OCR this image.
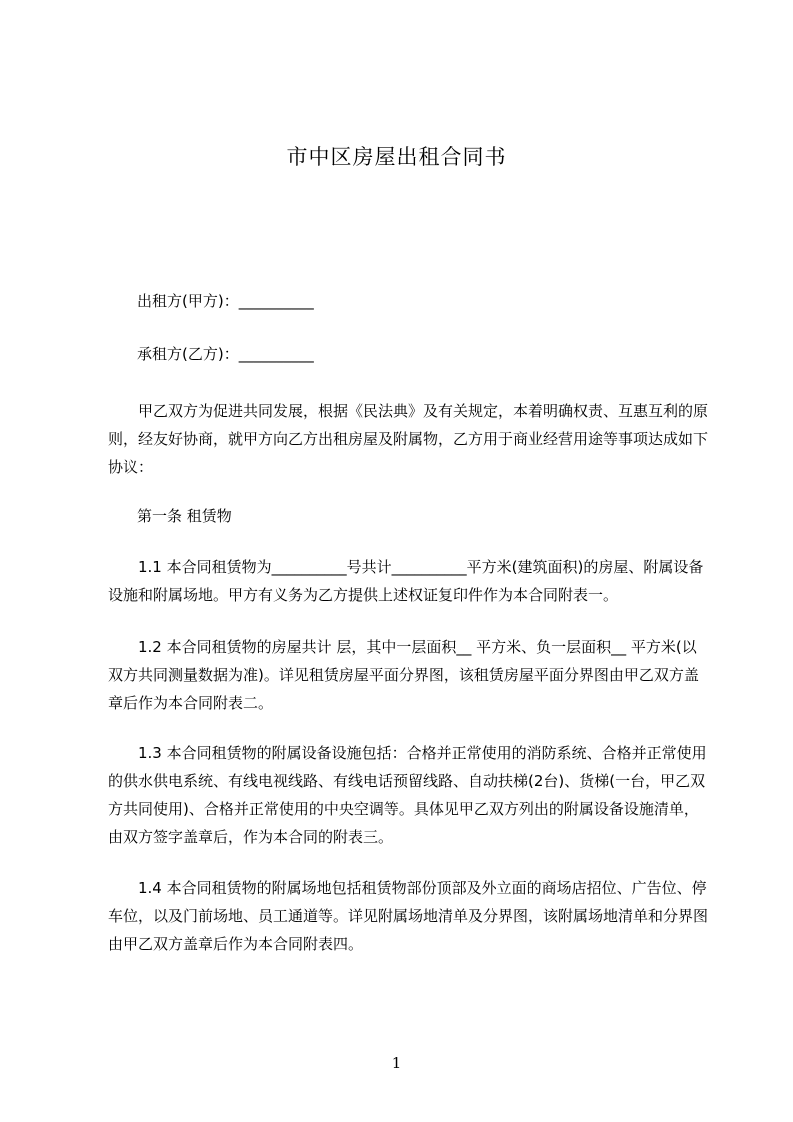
市中区房屋出租合同书
出租方(甲方)：__________
承租方(乙方)：__________
甲乙双方为促进共同发展，根据《民法典》及有关规定，本着明确权责、互惠互利的原则，经友好协商，就甲方向乙方出租房屋及附属物，乙方用于商业经营用途等事项达成如下协议：
第一条 租赁物
1.1 本合同租赁物为__________号共计__________平方米(建筑面积)的房屋、附属设备设施和附属场地。甲方有义务为乙方提供上述权证复印件作为本合同附表一。
1.2 本合同租赁物的房屋共计 层，其中一层面积__ 平方米、负一层面积__ 平方米(以双方共同测量数据为准)。详见租赁房屋平面分界图，该租赁房屋平面分界图由甲乙双方盖章后作为本合同附表二。
1.3 本合同租赁物的附属设备设施包括：合格并正常使用的消防系统、合格并正常使用的供水供电系统、有线电视线路、有线电话预留线路、自动扶梯(2台)、货梯(一台，甲乙双方共同使用)、合格并正常使用的中央空调等。具体见甲乙双方列出的附属设备设施清单，由双方签字盖章后，作为本合同的附表三。
1.4 本合同租赁物的附属场地包括租赁物部份顶部及外立面的商场店招位、广告位、停车位，以及门前场地、员工通道等。详见附属场地清单及分界图，该附属场地清单和分界图由甲乙双方盖章后作为本合同附表四。
1
